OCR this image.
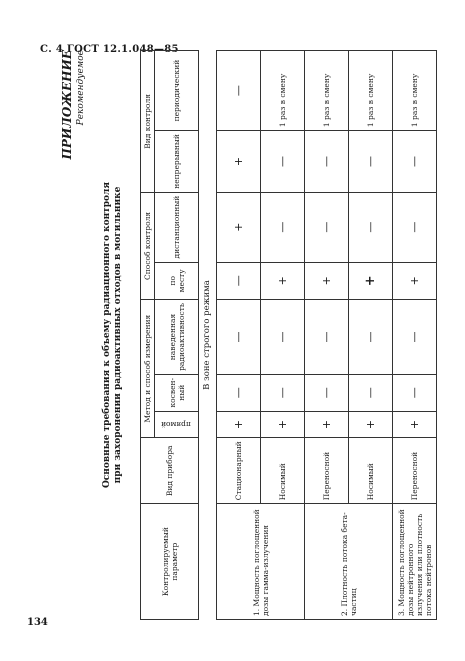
С. 4 ГОСТ 12.1.048—85
134
ПРИЛОЖЕНИЕ Рекомендуемое
Основные требования к объему радиационного контроля при захоронении радиоактивных отходов в могильнике
Контролируемый параметр	Вид прибора	Метод и способ измерения			Способ контроля		Вид контроля	
		прямой	косвен-ный	наведенная радиоактивность	по месту	дистанционный	непрерывный	периодический
В зоне строгого режима								
1. Мощность поглощенной дозы гамма-излучения	Стационарный	+	—	—	—	+	+	—
	Носимый	+	—	—	+	—	—	1 раз в смену
2. Плотность потока бета-частиц	Переносной	+	—	—	+	—	—	1 раз в смену
	Носимый	+	—	—	+	—	—	1 раз в смену
3. Мощность поглощенной дозы нейтронного излучения или плотность потока нейтронов	Переносной	+	—	—	+	—	—	1 раз в смену
